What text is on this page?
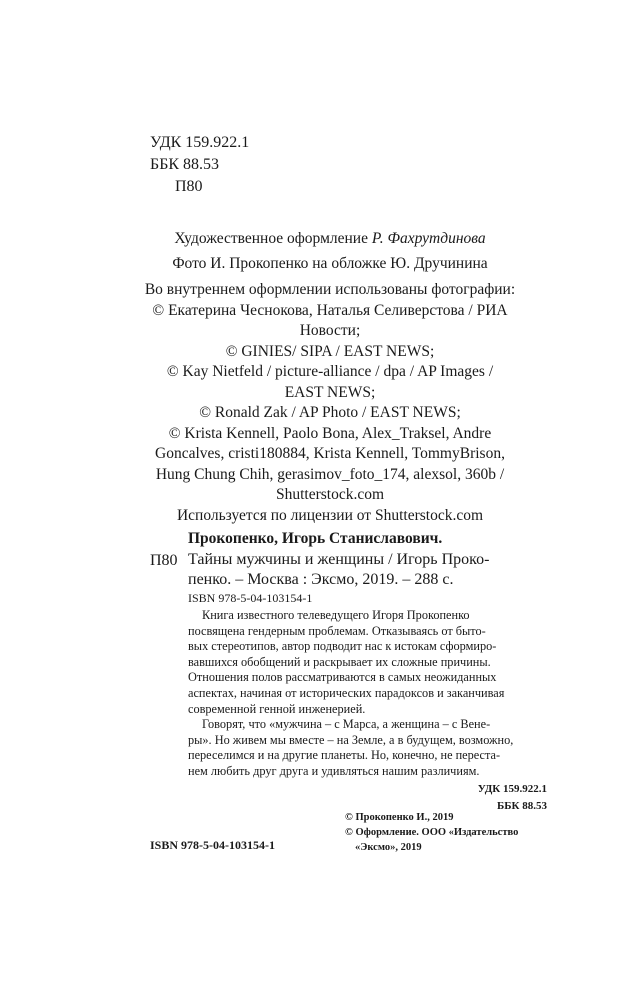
УДК 159.922.1
ББК 88.53
П80
Художественное оформление Р. Фахрутдинова
Фото И. Прокопенко на обложке Ю. Дручинина
Во внутреннем оформлении использованы фотографии:
© Екатерина Чеснокова, Наталья Селиверстова / РИА
Новости;
© GINIES/ SIPA / EAST NEWS;
© Kay Nietfeld / picture-alliance / dpa / AP Images /
EAST NEWS;
© Ronald Zak / AP Photo / EAST NEWS;
© Krista Kennell, Paolo Bona, Alex_Traksel, Andre
Goncalves, cristi180884, Krista Kennell, TommyBrison,
Hung Chung Chih, gerasimov_foto_174, alexsol, 360b /
Shutterstock.com
Используется по лицензии от Shutterstock.com
Прокопенко, Игорь Станиславович.
П80 Тайны мужчины и женщины / Игорь Проко-
пенко. – Москва : Эксмо, 2019. – 288 с.
ISBN 978-5-04-103154-1
Книга известного телеведущего Игоря Прокопенко
посвящена гендерным проблемам. Отказываясь от быто-
вых стереотипов, автор подводит нас к истокам сформиро-
вавшихся обобщений и раскрывает их сложные причины.
Отношения полов рассматриваются в самых неожиданных
аспектах, начиная от исторических парадоксов и заканчивая
современной генной инженерией.
Говорят, что «мужчина – с Марса, а женщина – с Вене-
ры». Но живем мы вместе – на Земле, а в будущем, возможно,
переселимся и на другие планеты. Но, конечно, не переста-
нем любить друг друга и удивляться нашим различиям.
УДК 159.922.1
ББК 88.53
© Прокопенко И., 2019
© Оформление. ООО «Издательство
«Эксмо», 2019
ISBN 978-5-04-103154-1
